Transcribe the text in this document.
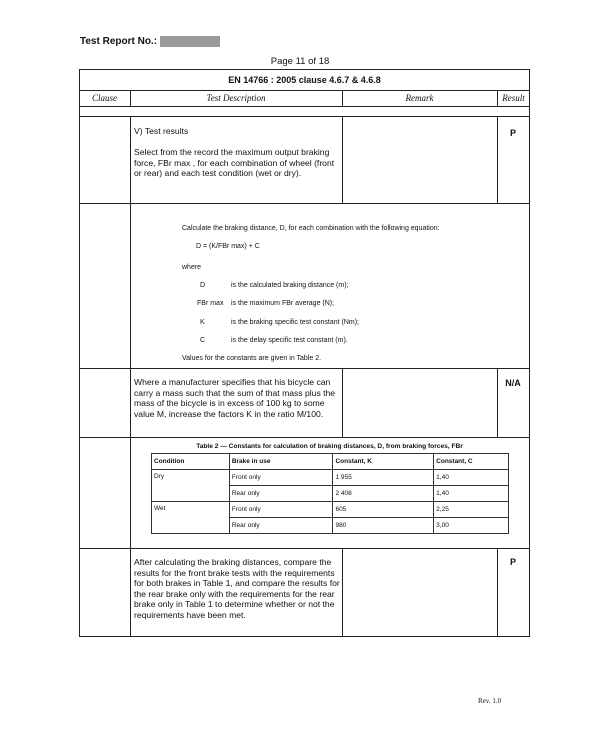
Test Report No.:
Page 11 of 18
EN 14766 : 2005 clause 4.6.7 & 4.6.8
Clause	Test Description	Remark	Result
V) Test results
Select from the record the maximum output braking force, FBr max , for each combination of wheel (front or rear) and each test condition (wet or dry).
P
Calculate the braking distance, D, for each combination with the following equation:
D = (K/FBr max) + C
where
D	is the calculated braking distance (m);
FBr max is the maximum FBr average (N);
K	is the braking specific test constant (Nm);
C	is the delay specific test constant (m).
Values for the constants are given in Table 2.
Where a manufacturer specifies that his bicycle can carry a mass such that the sum of that mass plus the mass of the bicycle is in excess of 100 kg to some value M, increase the factors K in the ratio M/100.
N/A
Table 2 — Constants for calculation of braking distances, D, from braking forces, FBr
Condition	Brake in use	Constant, K	Constant, C
Dry	Front only	1 955	1,40
	Rear only	2 408	1,40
Wet	Front only	605	2,25
	Rear only	980	3,00
After calculating the braking distances, compare the results for the front brake tests with the requirements for both brakes in Table 1, and compare the results for the rear brake only with the requirements for the rear brake only in Table 1 to determine whether or not the requirements have been met.
P
Rev. 1.0
